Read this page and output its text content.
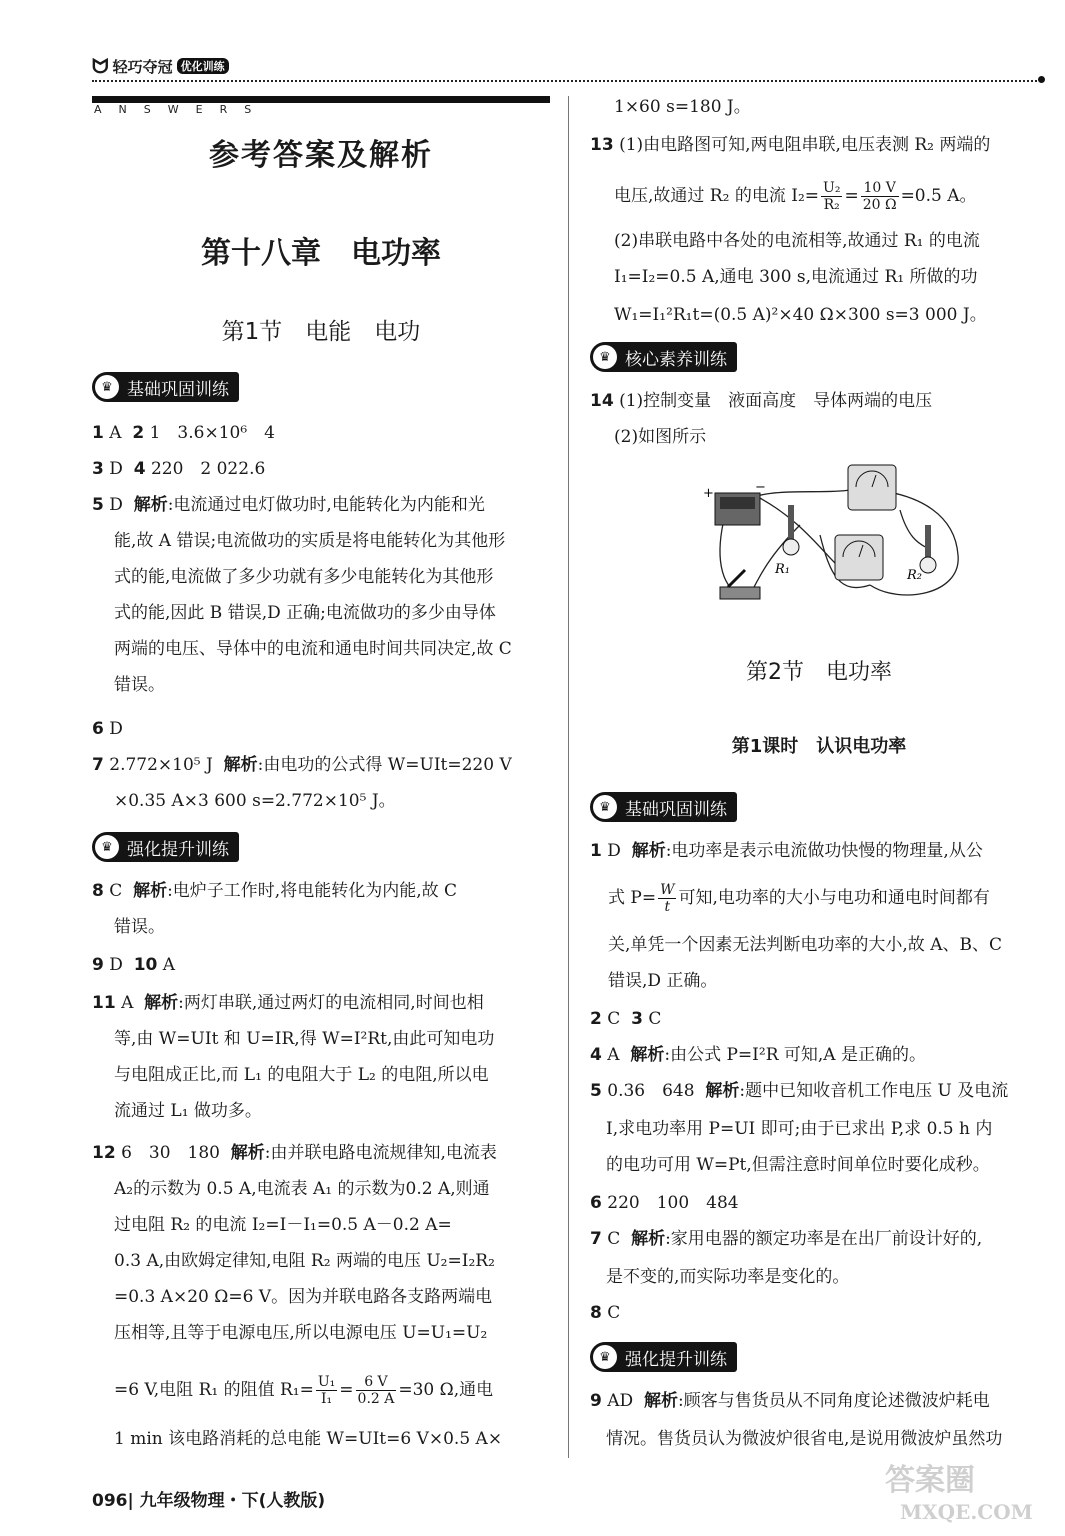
ᗢ 轻巧夺冠 优化训练
ANSWERS
参考答案及解析
第十八章　电功率
第1节　电能　电功
♛ 基础巩固训练
1 A 2 1　3.6×10⁶　4
3 D 4 220　2 022.6
5 D 解析:电流通过电灯做功时,电能转化为内能和光
能,故 A 错误;电流做功的实质是将电能转化为其他形
式的能,电流做了多少功就有多少电能转化为其他形
式的能,因此 B 错误,D 正确;电流做功的多少由导体
两端的电压、导体中的电流和通电时间共同决定,故 C
错误。
6 D
7 2.772×10⁵ J 解析:由电功的公式得 W=UIt=220 V
×0.35 A×3 600 s=2.772×10⁵ J。
♛ 强化提升训练
8 C 解析:电炉子工作时,将电能转化为内能,故 C
错误。
9 D 10 A
11 A 解析:两灯串联,通过两灯的电流相同,时间也相
等,由 W=UIt 和 U=IR,得 W=I²Rt,由此可知电功
与电阻成正比,而 L₁ 的电阻大于 L₂ 的电阻,所以电
流通过 L₁ 做功多。
12 6　30　180 解析:由并联电路电流规律知,电流表
A₂的示数为 0.5 A,电流表 A₁ 的示数为0.2 A,则通
过电阻 R₂ 的电流 I₂=I－I₁=0.5 A－0.2 A=
0.3 A,由欧姆定律知,电阻 R₂ 两端的电压 U₂=I₂R₂
=0.3 A×20 Ω=6 V。因为并联电路各支路两端电
压相等,且等于电源电压,所以电源电压 U=U₁=U₂
=6 V,电阻 R₁ 的阻值 $R_1= \frac{\text{U₁}}{\text{I₁}} = \frac{6 V}{0.2 A} =30$ Ω,通电
1 min 该电路消耗的总电能 W=UIt=6 V×0.5 A×
1×60 s=180 J。
13 (1)由电路图可知,两电阻串联,电压表测 R₂ 两端的
电压,故通过 R₂ 的电流 $I_2= \frac{\text{U₂}}{\text{R₂}} = \frac{10 V}{20 \Omega} =0.5$ A。
(2)串联电路中各处的电流相等,故通过 R₁ 的电流
I₁=I₂=0.5 A,通电 300 s,电流通过 R₁ 所做的功
W₁=I₁²R₁t=(0.5 A)²×40 Ω×300 s=3 000 J。
♛ 核心素养训练
14 (1)控制变量　液面高度　导体两端的电压
(2)如图所示
+	−
R₁	R₂
第2节　电功率
第1课时　认识电功率
♛ 基础巩固训练
1 D 解析:电功率是表示电流做功快慢的物理量,从公
式 $P= \frac{W}{t}$ 可知,电功率的大小与电功和通电时间都有
关,单凭一个因素无法判断电功率的大小,故 A、B、C
错误,D 正确。
2 C 3 C
4 A 解析:由公式 P=I²R 可知,A 是正确的。
5 0.36　648 解析:题中已知收音机工作电压 U 及电流
I,求电功率用 P=UI 即可;由于已求出 P,求 0.5 h 内
的电功可用 W=Pt,但需注意时间单位时要化成秒。
6 220　100　484
7 C 解析:家用电器的额定功率是在出厂前设计好的,
是不变的,而实际功率是变化的。
8 C
♛ 强化提升训练
9 AD 解析:顾客与售货员从不同角度论述微波炉耗电
情况。售货员认为微波炉很省电,是说用微波炉虽然功
096| 九年级物理・下(人教版)
答案圈
MXQE.COM
